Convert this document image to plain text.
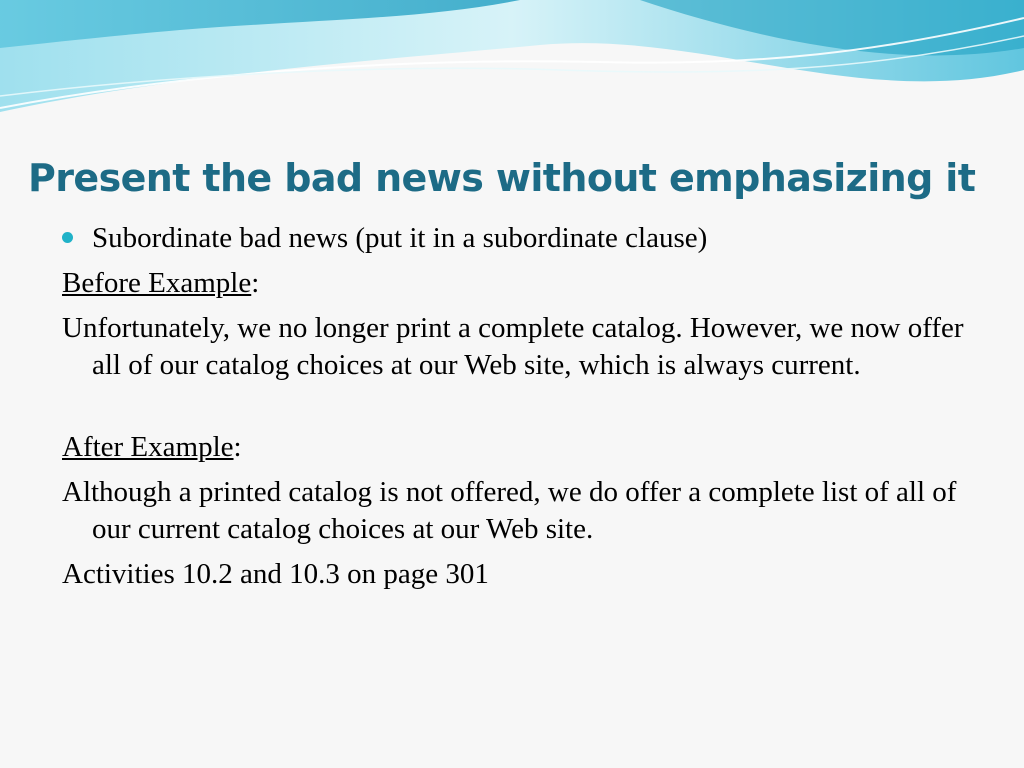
Present the bad news without emphasizing it
Subordinate bad news (put it in a subordinate clause)

Before Example:

Unfortunately, we no longer print a complete catalog. However, we now offer all of our catalog choices at our Web site, which is always current.

After Example:

Although a printed catalog is not offered, we do offer a complete list of all of our current catalog choices at our Web site.

Activities 10.2 and 10.3 on page 301
